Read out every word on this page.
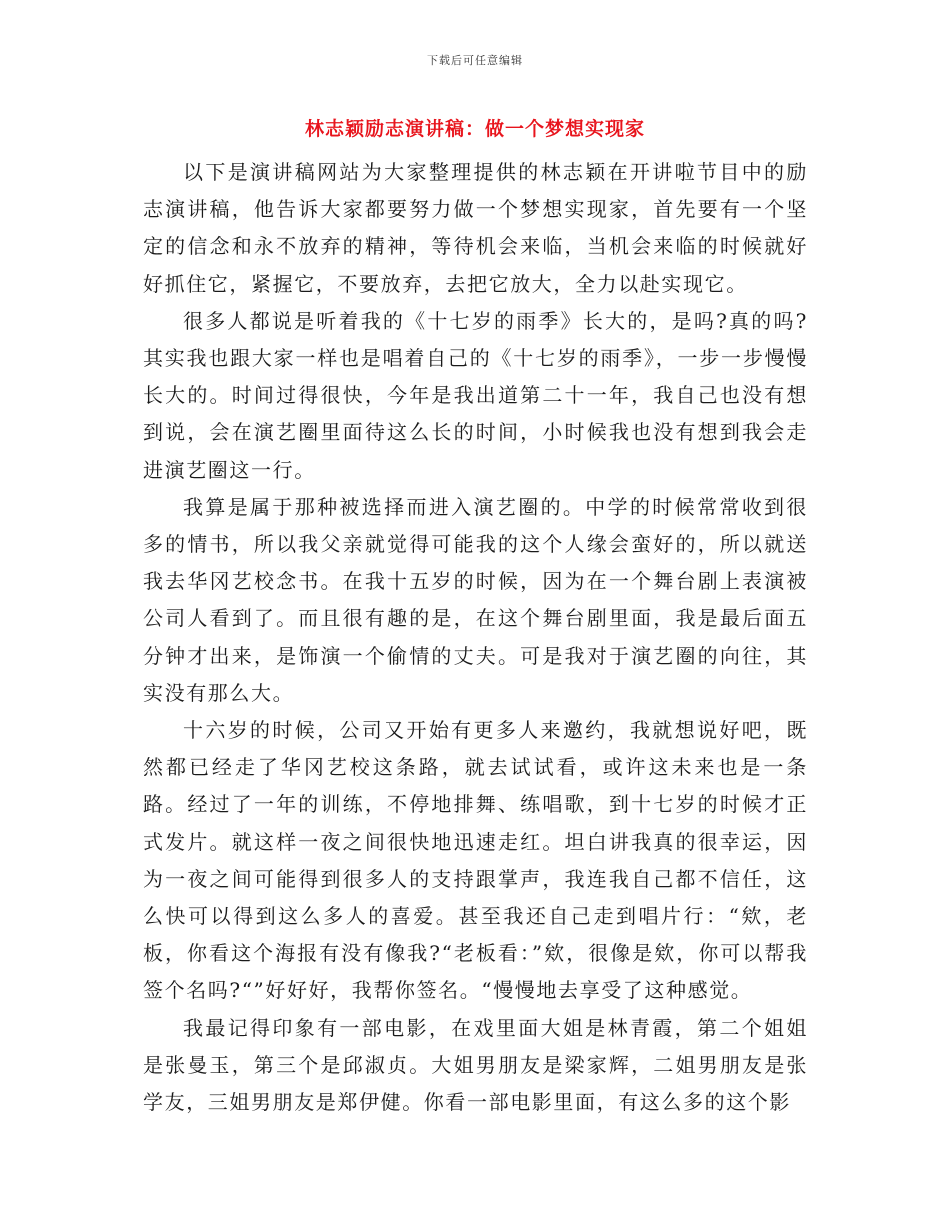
下载后可任意编辑
林志颖励志演讲稿：做一个梦想实现家

以下是演讲稿网站为大家整理提供的林志颖在开讲啦节目中的励志演讲稿，他告诉大家都要努力做一个梦想实现家，首先要有一个坚定的信念和永不放弃的精神，等待机会来临，当机会来临的时候就好好抓住它，紧握它，不要放弃，去把它放大，全力以赴实现它。

很多人都说是听着我的《十七岁的雨季》长大的，是吗?真的吗?其实我也跟大家一样也是唱着自己的《十七岁的雨季》，一步一步慢慢长大的。时间过得很快，今年是我出道第二十一年，我自己也没有想到说，会在演艺圈里面待这么长的时间，小时候我也没有想到我会走进演艺圈这一行。

我算是属于那种被选择而进入演艺圈的。中学的时候常常收到很多的情书，所以我父亲就觉得可能我的这个人缘会蛮好的，所以就送我去华冈艺校念书。在我十五岁的时候，因为在一个舞台剧上表演被公司人看到了。而且很有趣的是，在这个舞台剧里面，我是最后面五分钟才出来，是饰演一个偷情的丈夫。可是我对于演艺圈的向往，其实没有那么大。

十六岁的时候，公司又开始有更多人来邀约，我就想说好吧，既然都已经走了华冈艺校这条路，就去试试看，或许这未来也是一条路。经过了一年的训练，不停地排舞、练唱歌，到十七岁的时候才正式发片。就这样一夜之间很快地迅速走红。坦白讲我真的很幸运，因为一夜之间可能得到很多人的支持跟掌声，我连我自己都不信任，这么快可以得到这么多人的喜爱。甚至我还自己走到唱片行：“欸，老板，你看这个海报有没有像我?“老板看：”欸，很像是欸，你可以帮我签个名吗?“”好好好，我帮你签名。“慢慢地去享受了这种感觉。

我最记得印象有一部电影，在戏里面大姐是林青霞，第二个姐姐是张曼玉，第三个是邱淑贞。大姐男朋友是梁家辉，二姐男朋友是张学友，三姐男朋友是郑伊健。你看一部电影里面，有这么多的这个影
